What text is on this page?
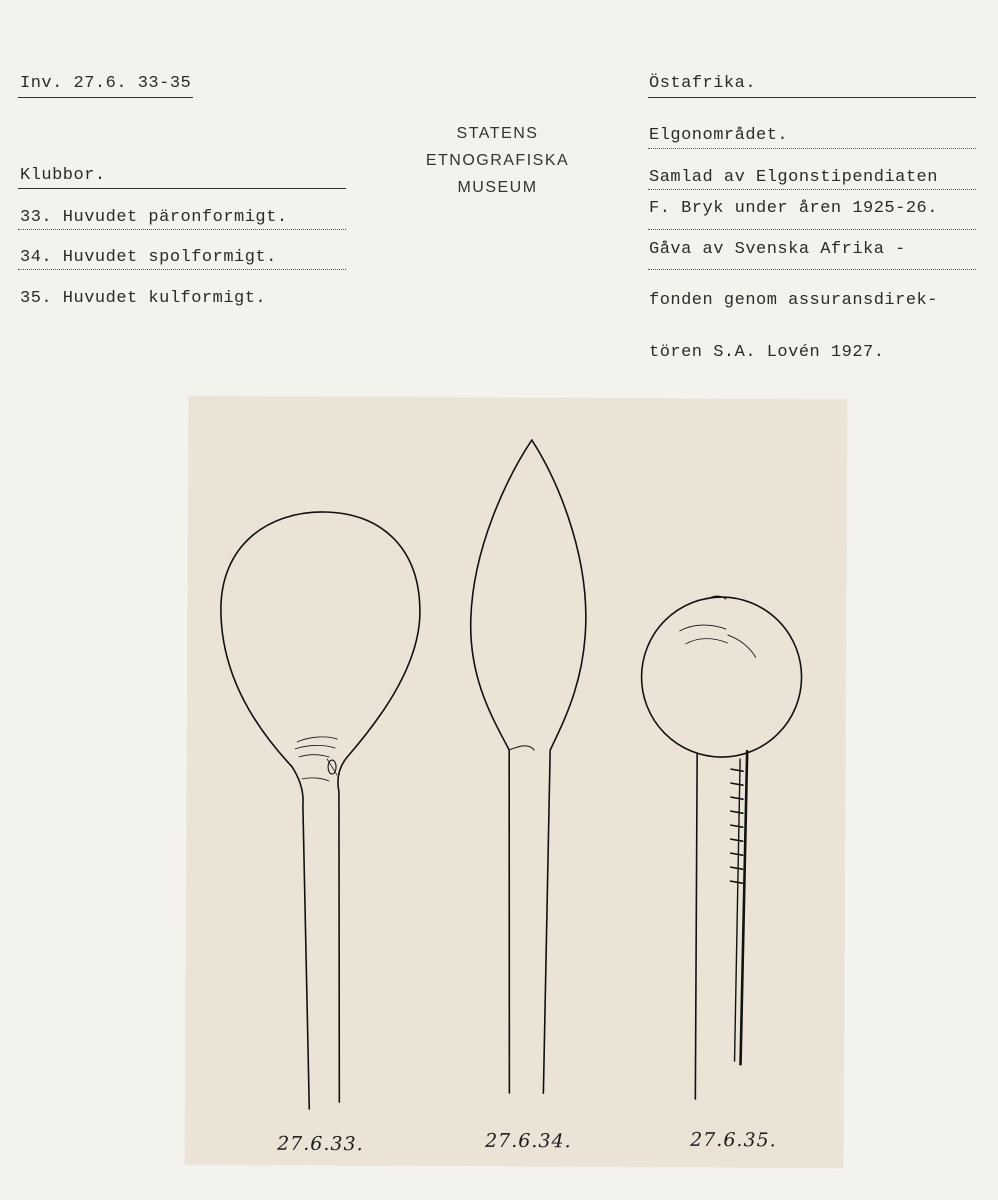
Inv. 27.6. 33-35
Klubbor.
33. Huvudet päronformigt.
34. Huvudet spolformigt.
35. Huvudet kulformigt.
STATENS
ETNOGRAFISKA
MUSEUM
Östafrika.
Elgonområdet.
Samlad av Elgonstipendiaten
F. Bryk under åren 1925-26.
Gåva av Svenska Afrika -
fonden genom assuransdirek-
tören S.A. Lovén 1927.
27.6.33.	27.6.34.	27.6.35.
